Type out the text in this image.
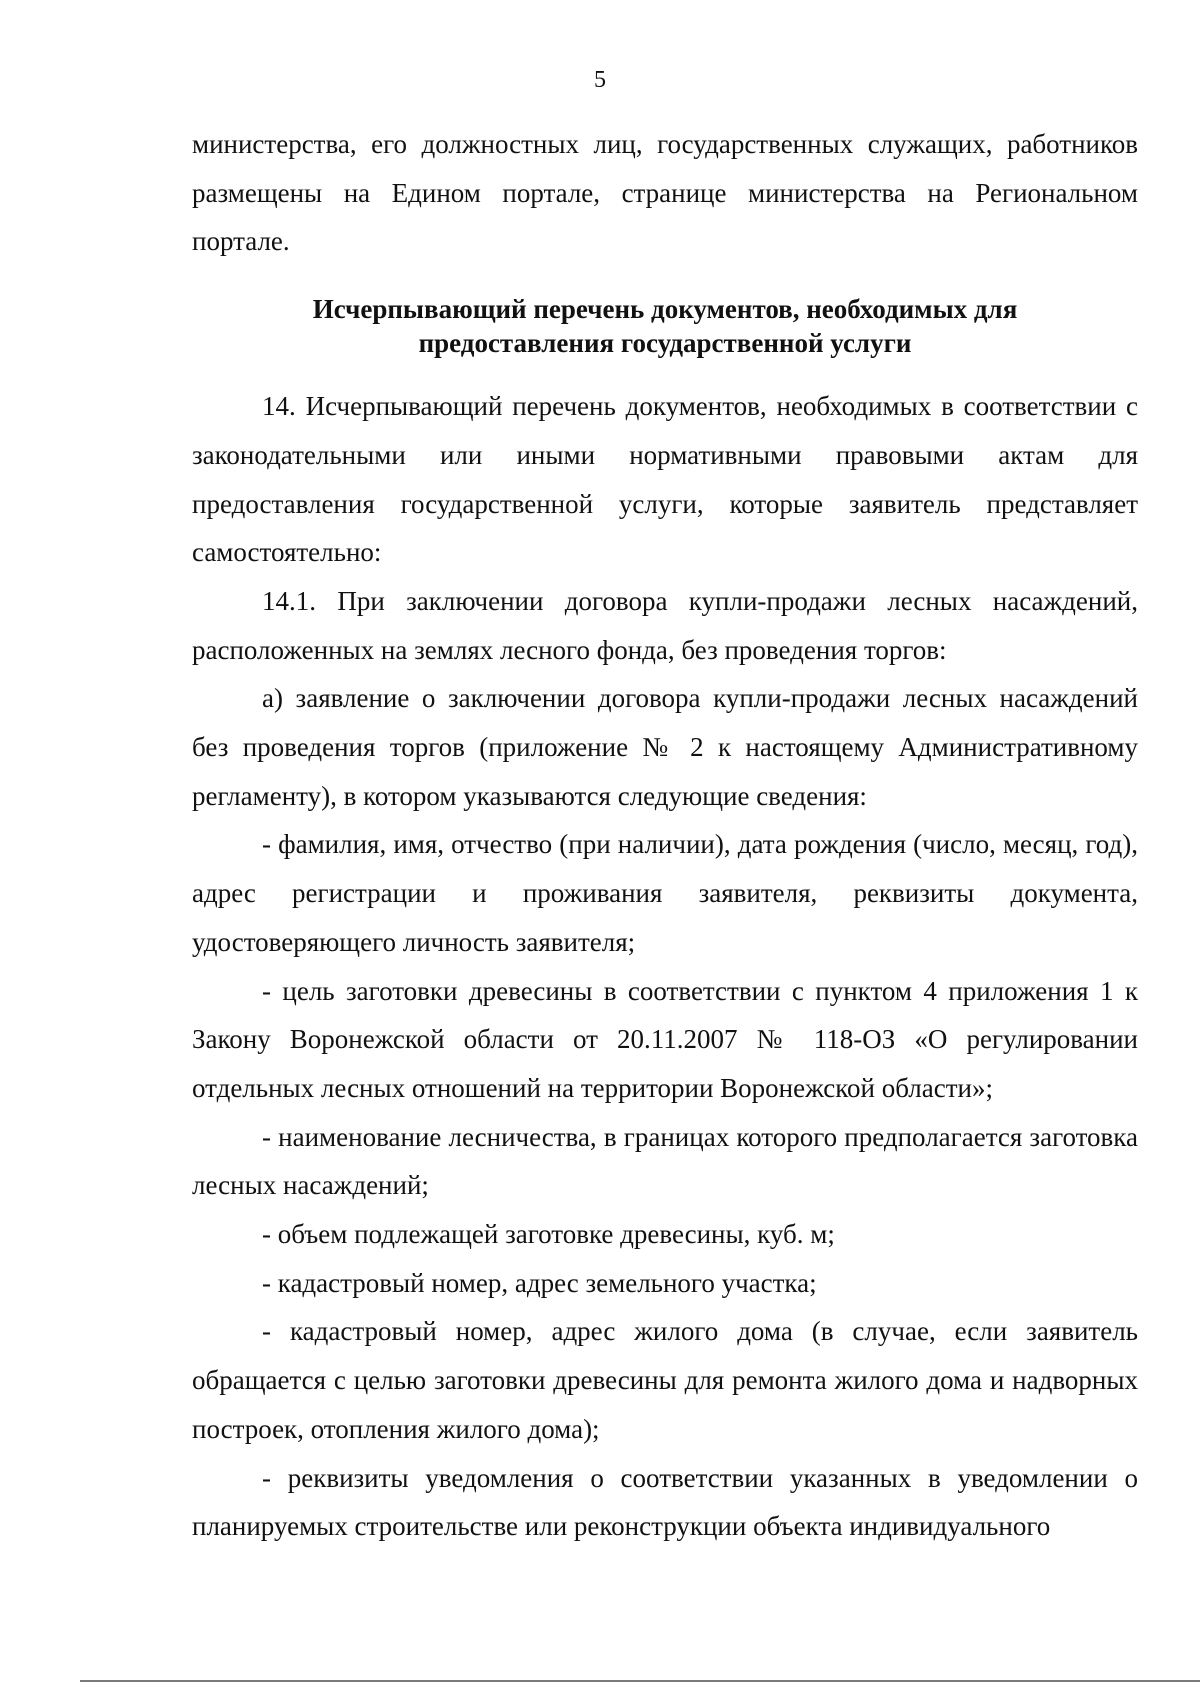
5

министерства, его должностных лиц, государственных служащих, работников размещены на Едином портале, странице министерства на Региональном портале.

Исчерпывающий перечень документов, необходимых для
предоставления государственной услуги

14. Исчерпывающий перечень документов, необходимых в соответствии с законодательными или иными нормативными правовыми актам для предоставления государственной услуги, которые заявитель представляет самостоятельно:

14.1. При заключении договора купли-продажи лесных насаждений, расположенных на землях лесного фонда, без проведения торгов:

а) заявление о заключении договора купли-продажи лесных насаждений без проведения торгов (приложение № 2 к настоящему Административному регламенту), в котором указываются следующие сведения:

- фамилия, имя, отчество (при наличии), дата рождения (число, месяц, год), адрес регистрации и проживания заявителя, реквизиты документа, удостоверяющего личность заявителя;

- цель заготовки древесины в соответствии с пунктом 4 приложения 1 к Закону Воронежской области от 20.11.2007 № 118-ОЗ «О регулировании отдельных лесных отношений на территории Воронежской области»;

- наименование лесничества, в границах которого предполагается заготовка лесных насаждений;

- объем подлежащей заготовке древесины, куб. м;

- кадастровый номер, адрес земельного участка;

- кадастровый номер, адрес жилого дома (в случае, если заявитель обращается с целью заготовки древесины для ремонта жилого дома и надворных построек, отопления жилого дома);

- реквизиты уведомления о соответствии указанных в уведомлении о планируемых строительстве или реконструкции объекта индивидуального
